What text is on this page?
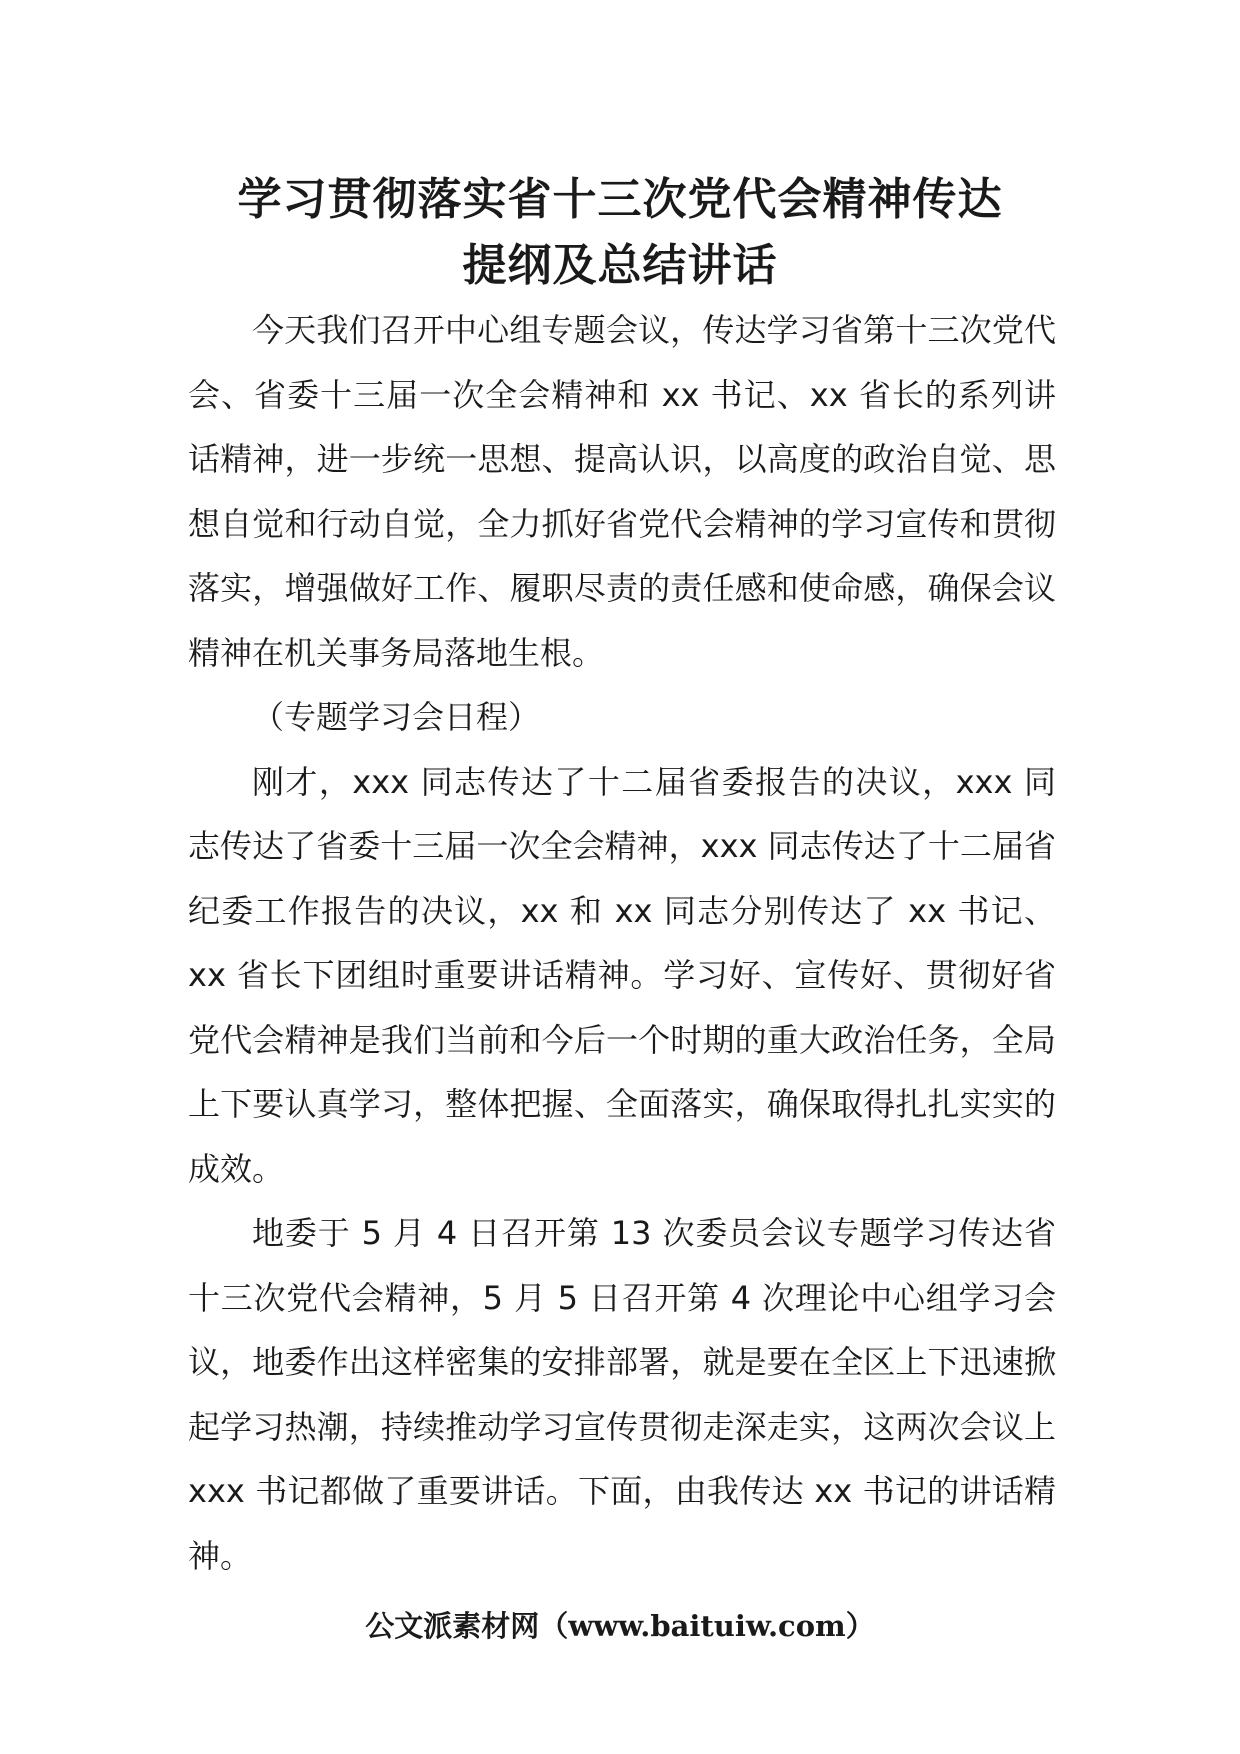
学习贯彻落实省十三次党代会精神传达
提纲及总结讲话

今天我们召开中心组专题会议，传达学习省第十三次党代会、省委十三届一次全会精神和 xx 书记、xx 省长的系列讲话精神，进一步统一思想、提高认识，以高度的政治自觉、思想自觉和行动自觉，全力抓好省党代会精神的学习宣传和贯彻落实，增强做好工作、履职尽责的责任感和使命感，确保会议精神在机关事务局落地生根。

（专题学习会日程）

刚才，xxx 同志传达了十二届省委报告的决议，xxx 同志传达了省委十三届一次全会精神，xxx 同志传达了十二届省纪委工作报告的决议，xx 和 xx 同志分别传达了 xx 书记、xx 省长下团组时重要讲话精神。学习好、宣传好、贯彻好省党代会精神是我们当前和今后一个时期的重大政治任务，全局上下要认真学习，整体把握、全面落实，确保取得扎扎实实的成效。

地委于 5 月 4 日召开第 13 次委员会议专题学习传达省十三次党代会精神，5 月 5 日召开第 4 次理论中心组学习会议，地委作出这样密集的安排部署，就是要在全区上下迅速掀起学习热潮，持续推动学习宣传贯彻走深走实，这两次会议上 xxx 书记都做了重要讲话。下面，由我传达 xx 书记的讲话精神。

公文派素材网（www.baituiw.com）
